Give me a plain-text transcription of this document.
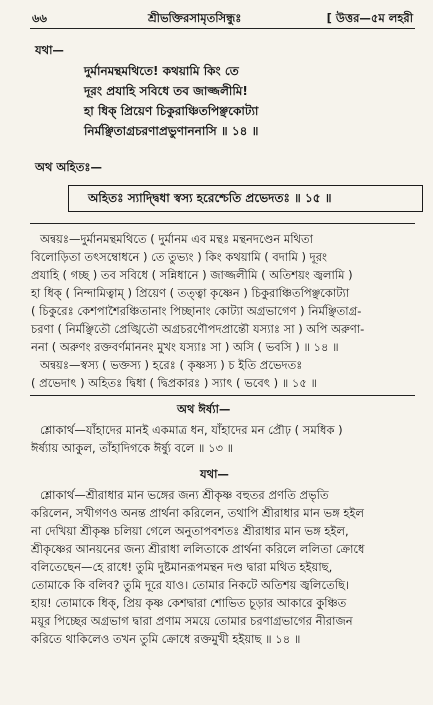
৬৬	শ্রীভক্তিরসামৃতসিন্ধুঃ	[ উত্তর—৫ম লহরী
যথা—
দুর্মানমন্থমথিতে! কথয়ামি কিং তে
দূরং প্রযাহি সবিধে তব জাজ্জলীমি!
হা ধিক্‌ প্রিয়েণ চিকুরাঞ্চিতপিঞ্ছকোট্যা
নির্মঞ্ছিতাগ্রচরণাপ্রভুণাননাসি ॥ ১৪ ॥
অথ অহিতঃ—
অহিতঃ স্যাদ্দ্বিধা স্বস্য হরেশ্চেতি প্রভেদতঃ ॥ ১৫ ॥
অন্বয়ঃ—দুর্মানমন্থমথিতে ( দুর্মানম এব মন্থঃ মন্থনদণ্ডেন মথিতা
বিলোড়িতা তৎসম্বোধনে ) তে তুভ্যং ) কিং কথয়ামি ( বদামি ) দূরং
প্রযাহি ( গচ্ছ ) তব সবিধে ( সন্নিধানে ) জাজ্জলীমি ( অতিশয়ং জ্বলামি )
হা ধিক্‌ ( নিন্দামিত্বাম্‌ ) প্রিয়েণ ( তত্ত্বা কৃষ্ণেন ) চিকুরাঞ্চিতপিঞ্ছকোট্যা
( চিকুরেঃ কেশপাশৈরঞ্চিতানাং পিচ্ছানাং কোট্যা অগ্রভাগেণ ) নির্মঞ্ছিতাগ্র-
চরণা ( নির্মঞ্ছিতৌ প্রেঙ্খিতৌ অগ্রচরণৌপদপ্রান্তৌ যস্যাঃ সা ) অপি অরুণা-
ননা ( অরুণং রক্তবর্ণমাননং মুখং যস্যাঃ সা ) অসি ( ভবসি ) ॥ ১৪ ॥
অন্বয়ঃ—স্বস্য ( ভক্তস্য ) হরেঃ ( কৃষ্ণস্য ) চ ইতি প্রভেদতঃ
( প্রভেদাৎ ) অহিতঃ দ্বিধা ( দ্বিপ্রকারঃ ) স্যাৎ ( ভবেৎ ) ॥ ১৫ ॥
অথ ঈর্ষ্যা—
শ্লোকার্থ—যাঁহাদের মানই একমাত্র ধন, যাঁহাদের মন প্রৌঢ় ( সমধিক )
ঈর্ষ্যায় আকুল, তাঁহাদিগকে ঈর্ষ্যু বলে ॥ ১৩ ॥
যথা—
শ্লোকার্থ—শ্রীরাধার মান ভঙ্গের জন্য শ্রীকৃষ্ণ বহুতর প্রণতি প্রভৃতি
করিলেন, সখীগণও অনন্ত প্রার্থনা করিলেন, তথাপি শ্রীরাধার মান ভঙ্গ হইল
না দেখিয়া শ্রীকৃষ্ণ চলিয়া গেলে অনুতাপবশতঃ শ্রীরাধার মান ভঙ্গ হইল,
শ্রীকৃষ্ণের আনয়নের জন্য শ্রীরাধা ললিতাকে প্রার্থনা করিলে ললিতা ক্রোধে
বলিতেছেন—হে রাধে! তুমি দুষ্টমানরূপমন্থন দণ্ড দ্বারা মথিত হইয়াছ,
তোমাকে কি বলিব? তুমি দূরে যাও। তোমার নিকটে অতিশয় জ্বলিতেছি।
হায়! তোমাকে ধিক্‌, প্রিয় কৃষ্ণ কেশদ্বারা শোভিত চূড়ার আকারে কুঞ্চিত
ময়ূর পিচ্ছের অগ্রভাগ দ্বারা প্রণাম সময়ে তোমার চরণাগ্রভাগের নীরাজন
করিতে থাকিলেও তখন তুমি ক্রোধে রক্তমুখী হইয়াছ ॥ ১৪ ॥
